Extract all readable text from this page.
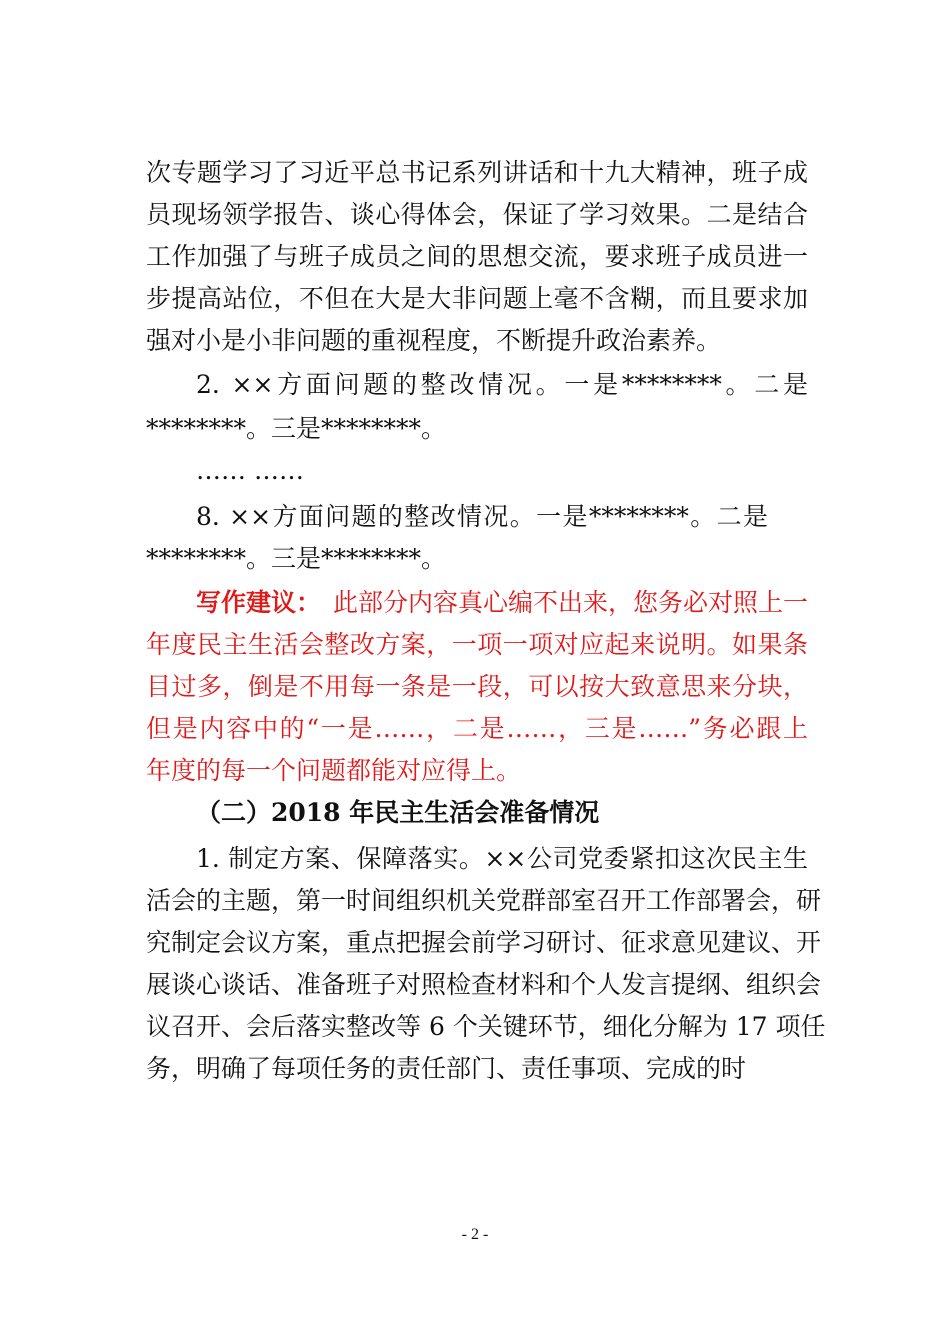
次专题学习了习近平总书记系列讲话和十九大精神，班子成
员现场领学报告、谈心得体会，保证了学习效果。二是结合
工作加强了与班子成员之间的思想交流，要求班子成员进一
步提高站位，不但在大是大非问题上毫不含糊，而且要求加
强对小是小非问题的重视程度，不断提升政治素养。
2. ××方面问题的整改情况。一是********。二是
********。三是********。
…… ……
8. ××方面问题的整改情况。一是********。二是
********。三是********。
写作建议： 此部分内容真心编不出来，您务必对照上一
年度民主生活会整改方案，一项一项对应起来说明。如果条
目过多，倒是不用每一条是一段，可以按大致意思来分块，
但是内容中的“一是……，二是……，三是……”务必跟上
年度的每一个问题都能对应得上。
（二）2018 年民主生活会准备情况
1. 制定方案、保障落实。××公司党委紧扣这次民主生
活会的主题，第一时间组织机关党群部室召开工作部署会，研
究制定会议方案，重点把握会前学习研讨、征求意见建议、开
展谈心谈话、准备班子对照检查材料和个人发言提纲、组织会
议召开、会后落实整改等 6 个关键环节，细化分解为 17 项任
务，明确了每项任务的责任部门、责任事项、完成的时
- 2 -
